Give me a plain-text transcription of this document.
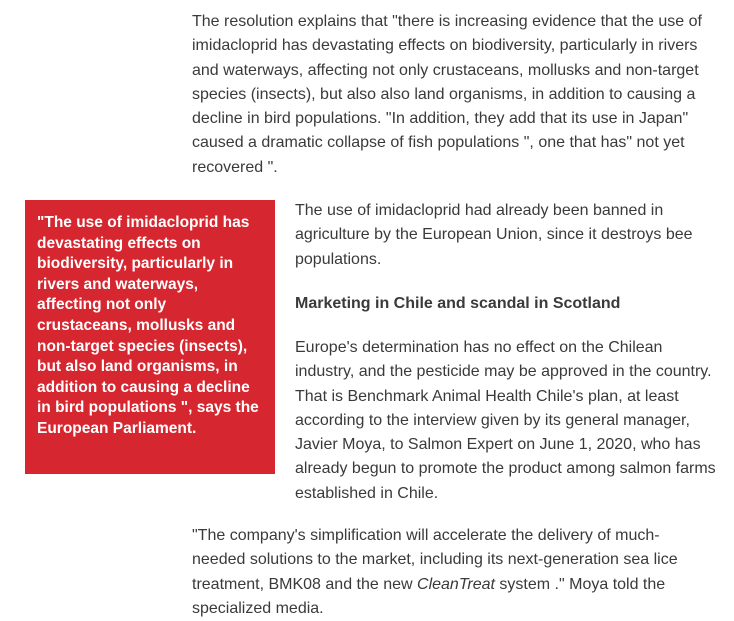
The resolution explains that "there is increasing evidence that the use of imidacloprid has devastating effects on biodiversity, particularly in rivers and waterways, affecting not only crustaceans, mollusks and non-target species (insects), but also also land organisms, in addition to causing a decline in bird populations. "In addition, they add that its use in Japan" caused a dramatic collapse of fish populations ", one that has" not yet recovered ".

"The use of imidacloprid has devastating effects on biodiversity, particularly in rivers and waterways, affecting not only crustaceans, mollusks and non-target species (insects), but also land organisms, in addition to causing a decline in bird populations ", says the European Parliament.

The use of imidacloprid had already been banned in agriculture by the European Union, since it destroys bee populations.

Marketing in Chile and scandal in Scotland

Europe's determination has no effect on the Chilean industry, and the pesticide may be approved in the country. That is Benchmark Animal Health Chile's plan, at least according to the interview given by its general manager, Javier Moya, to Salmon Expert on June 1, 2020, who has already begun to promote the product among salmon farms established in Chile.

"The company's simplification will accelerate the delivery of much-needed solutions to the market, including its next-generation sea lice treatment, BMK08 and the new CleanTreat system ." Moya told the specialized media.
